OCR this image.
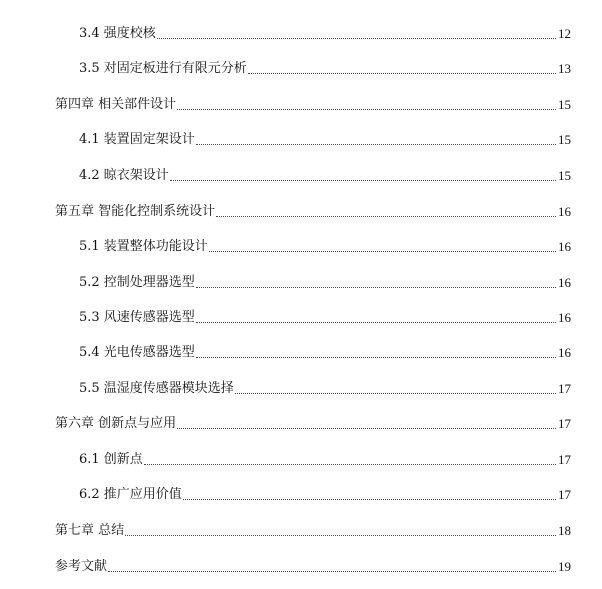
3.4 强度校核	12
3.5 对固定板进行有限元分析	13
第四章 相关部件设计	15
4.1 装置固定架设计	15
4.2 晾衣架设计	15
第五章 智能化控制系统设计	16
5.1 装置整体功能设计	16
5.2 控制处理器选型	16
5.3 风速传感器选型	16
5.4 光电传感器选型	16
5.5 温湿度传感器模块选择	17
第六章 创新点与应用	17
6.1 创新点	17
6.2 推广应用价值	17
第七章 总结	18
参考文献	19
